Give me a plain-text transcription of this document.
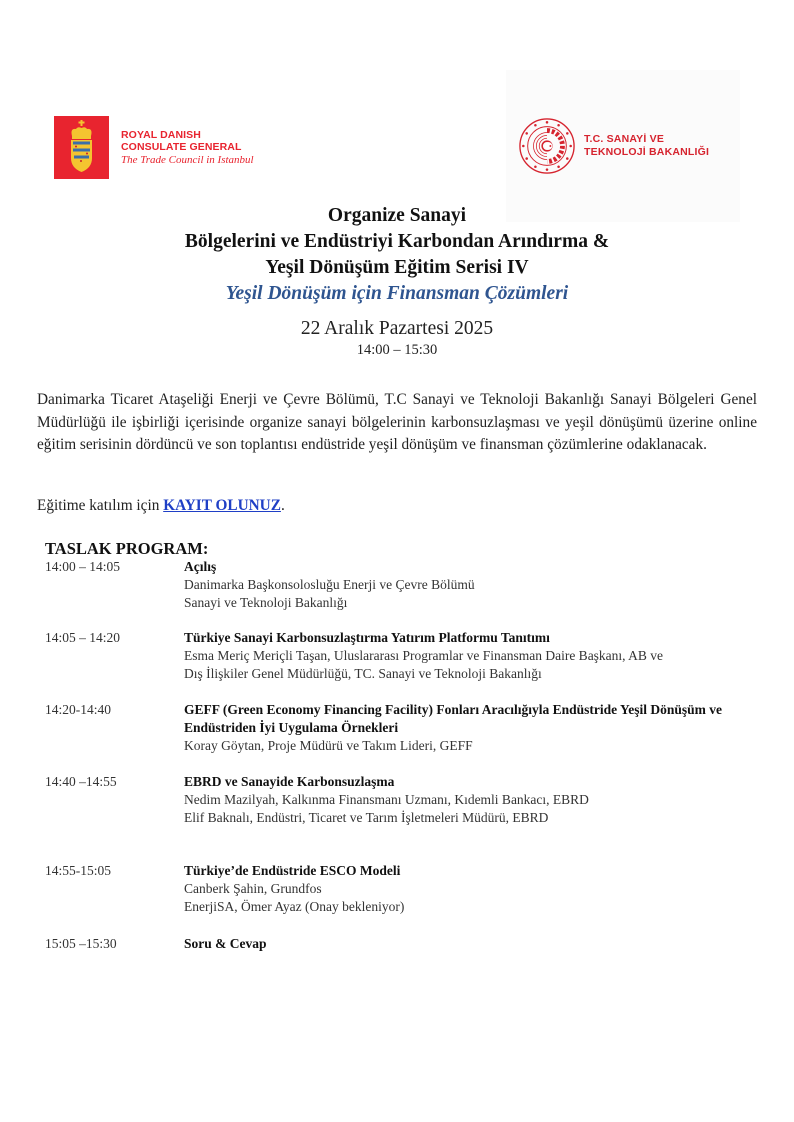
ROYAL DANISH
CONSULATE GENERAL
The Trade Council in Istanbul
T.C. SANAYİ VE
TEKNOLOJİ BAKANLIĞI
Organize Sanayi
Bölgelerini ve Endüstriyi Karbondan Arındırma &
Yeşil Dönüşüm Eğitim Serisi IV
Yeşil Dönüşüm için Finansman Çözümleri
22 Aralık Pazartesi 2025
14:00 – 15:30

Danimarka Ticaret Ataşeliği Enerji ve Çevre Bölümü, T.C Sanayi ve Teknoloji Bakanlığı Sanayi Bölgeleri Genel Müdürlüğü ile işbirliği içerisinde organize sanayi bölgelerinin karbonsuzlaşması ve yeşil dönüşümü üzerine online eğitim serisinin dördüncü ve son toplantısı endüstride yeşil dönüşüm ve finansman çözümlerine odaklanacak.

Eğitime katılım için KAYIT OLUNUZ.

TASLAK PROGRAM:
14:00 – 14:05	Açılış
Danimarka Başkonsolosluğu Enerji ve Çevre Bölümü
Sanayi ve Teknoloji Bakanlığı
14:05 – 14:20	Türkiye Sanayi Karbonsuzlaştırma Yatırım Platformu Tanıtımı
Esma Meriç Meriçli Taşan, Uluslararası Programlar ve Finansman Daire Başkanı, AB ve
Dış İlişkiler Genel Müdürlüğü, TC. Sanayi ve Teknoloji Bakanlığı
14:20-14:40	GEFF (Green Economy Financing Facility) Fonları Aracılığıyla Endüstride Yeşil Dönüşüm ve Endüstriden İyi Uygulama Örnekleri
Koray Göytan, Proje Müdürü ve Takım Lideri, GEFF
14:40 –14:55	EBRD ve Sanayide Karbonsuzlaşma
Nedim Mazilyah, Kalkınma Finansmanı Uzmanı, Kıdemli Bankacı, EBRD
Elif Baknalı, Endüstri, Ticaret ve Tarım İşletmeleri Müdürü, EBRD
14:55-15:05	Türkiye’de Endüstride ESCO Modeli
Canberk Şahin, Grundfos
EnerjiSA, Ömer Ayaz (Onay bekleniyor)
15:05 –15:30	Soru & Cevap
